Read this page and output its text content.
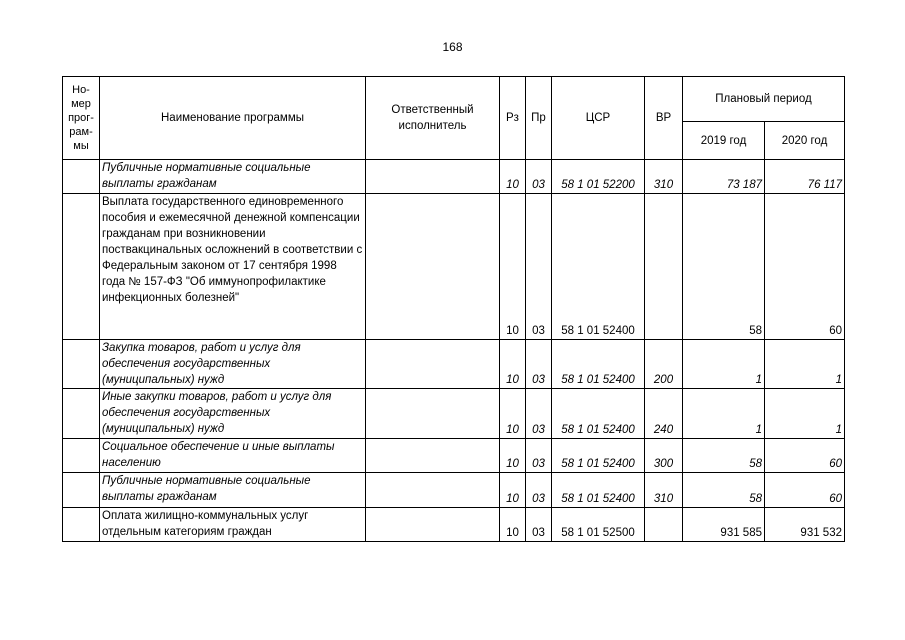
168
Но-мер прог-рам-мы	Наименование программы	Ответственный исполнитель	Рз	Пр	ЦСР	ВР	Плановый период	
							2019 год	2020 год
	Публичные нормативные социальные выплаты гражданам		10	03	58 1 01 52200	310	73 187	76 117
	Выплата государственного единовременного пособия и ежемесячной денежной компенсации гражданам при возникновении поствакцинальных осложнений в соответствии с Федеральным законом от 17 сентября 1998 года № 157-ФЗ "Об иммунопрофилактике инфекционных болезней"		10	03	58 1 01 52400		58	60
	Закупка товаров, работ и услуг для обеспечения государственных (муниципальных) нужд		10	03	58 1 01 52400	200	1	1
	Иные закупки товаров, работ и услуг для обеспечения государственных (муниципальных) нужд		10	03	58 1 01 52400	240	1	1
	Социальное обеспечение и иные выплаты населению		10	03	58 1 01 52400	300	58	60
	Публичные нормативные социальные выплаты гражданам		10	03	58 1 01 52400	310	58	60
	Оплата жилищно-коммунальных услуг отдельным категориям граждан		10	03	58 1 01 52500		931 585	931 532
